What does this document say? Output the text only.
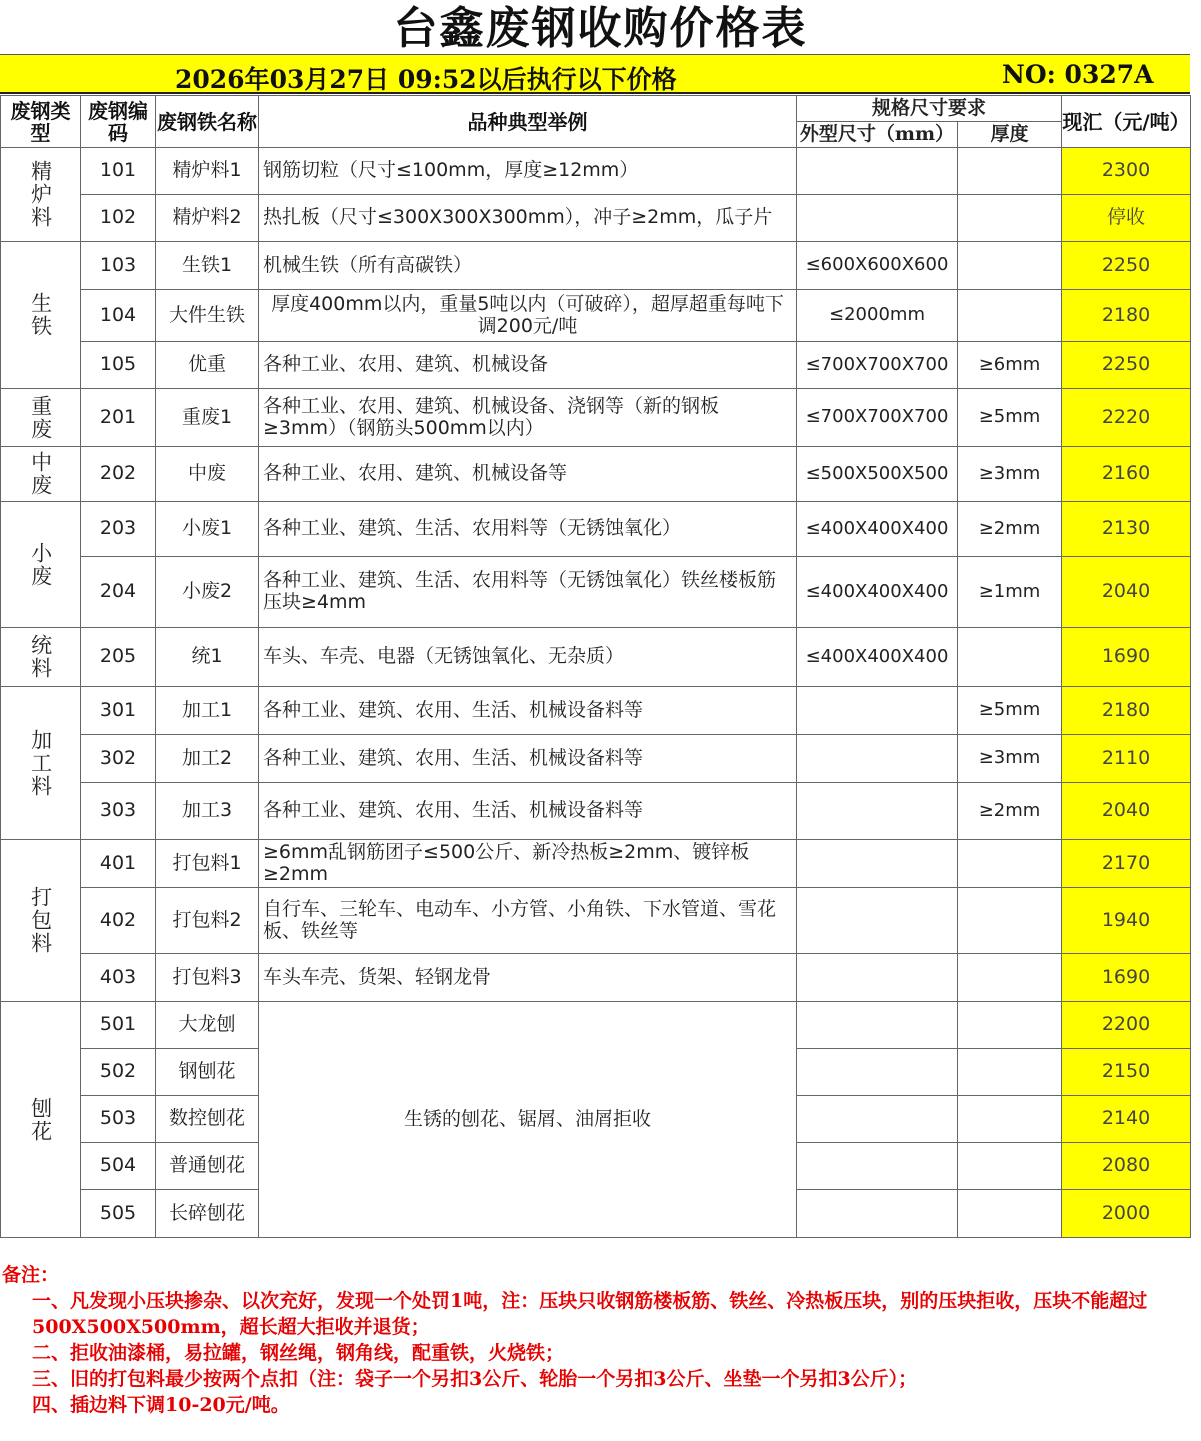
台鑫废钢收购价格表
2026年03月27日 09:52以后执行以下价格	NO: 0327A
废钢类型	废钢编码	废钢铁名称	品种典型举例	规格尺寸要求		现汇（元/吨）
				外型尺寸（mm）	厚度	
精炉料	101	精炉料1	钢筋切粒（尺寸≤100mm，厚度≥12mm）			2300
	102	精炉料2	热扎板（尺寸≤300X300X300mm），冲子≥2mm，瓜子片			停收
生铁	103	生铁1	机械生铁（所有高碳铁）	≤600X600X600		2250
	104	大件生铁	厚度400mm以内，重量5吨以内（可破碎），超厚超重每吨下调200元/吨	≤2000mm		2180
	105	优重	各种工业、农用、建筑、机械设备	≤700X700X700	≥6mm	2250
重废	201	重废1	各种工业、农用、建筑、机械设备、浇钢等（新的钢板≥3mm）（钢筋头500mm以内）	≤700X700X700	≥5mm	2220
中废	202	中废	各种工业、农用、建筑、机械设备等	≤500X500X500	≥3mm	2160
小废	203	小废1	各种工业、建筑、生活、农用料等（无锈蚀氧化）	≤400X400X400	≥2mm	2130
	204	小废2	各种工业、建筑、生活、农用料等（无锈蚀氧化）铁丝楼板筋压块≥4mm	≤400X400X400	≥1mm	2040
统料	205	统1	车头、车壳、电器（无锈蚀氧化、无杂质）	≤400X400X400		1690
加工料	301	加工1	各种工业、建筑、农用、生活、机械设备料等		≥5mm	2180
	302	加工2	各种工业、建筑、农用、生活、机械设备料等		≥3mm	2110
	303	加工3	各种工业、建筑、农用、生活、机械设备料等		≥2mm	2040
打包料	401	打包料1	≥6mm乱钢筋团子≤500公斤、新冷热板≥2mm、镀锌板≥2mm			2170
	402	打包料2	自行车、三轮车、电动车、小方管、小角铁、下水管道、雪花板、铁丝等			1940
	403	打包料3	车头车壳、货架、轻钢龙骨			1690
刨花	501	大龙刨	生锈的刨花、锯屑、油屑拒收			2200
	502	钢刨花				2150
	503	数控刨花				2140
	504	普通刨花				2080
	505	长碎刨花				2000
备注：
一、凡发现小压块掺杂、以次充好，发现一个处罚1吨，注：压块只收钢筋楼板筋、铁丝、冷热板压块，别的压块拒收，压块不能超过500X500X500mm，超长超大拒收并退货；
二、拒收油漆桶，易拉罐，钢丝绳，钢角线，配重铁，火烧铁；
三、旧的打包料最少按两个点扣（注：袋子一个另扣3公斤、轮胎一个另扣3公斤、坐垫一个另扣3公斤）；
四、插边料下调10-20元/吨。
